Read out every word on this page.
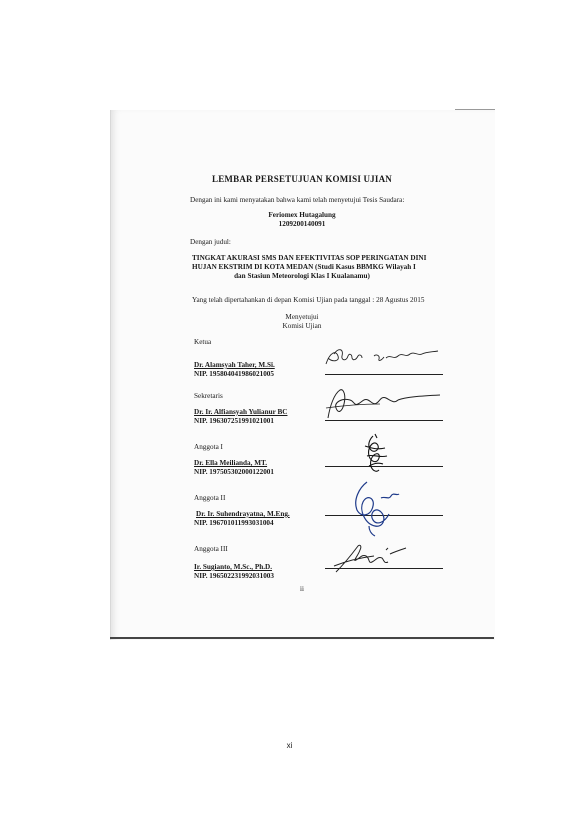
LEMBAR PERSETUJUAN KOMISI UJIAN
Dengan ini kami menyatakan bahwa kami telah menyetujui Tesis Saudara:
Feriomex Hutagalung
1209200140091
Dengan judul:
TINGKAT AKURASI SMS DAN EFEKTIVITAS SOP PERINGATAN DINI
HUJAN EKSTRIM DI KOTA MEDAN (Studi Kasus BBMKG Wilayah I
dan Stasiun Meteorologi Klas I Kualanamu)
Yang telah dipertahankan di depan Komisi Ujian pada tanggal : 28 Agustus 2015
Menyetujui
Komisi Ujian
Ketua
Dr. Alamsyah Taher, M.Si.
NIP. 195804041986021005
Sekretaris
Dr. Ir. Alfiansyah Yulianur BC
NIP. 196307251991021001
Anggota I
Dr. Ella Meilianda, MT.
NIP. 197505302000122001
Anggota II
Dr. Ir. Suhendrayatna, M.Eng.
NIP. 196701011993031004
Anggota III
Ir. Sugianto, M.Sc., Ph.D.
NIP. 196502231992031003
ii
xi
